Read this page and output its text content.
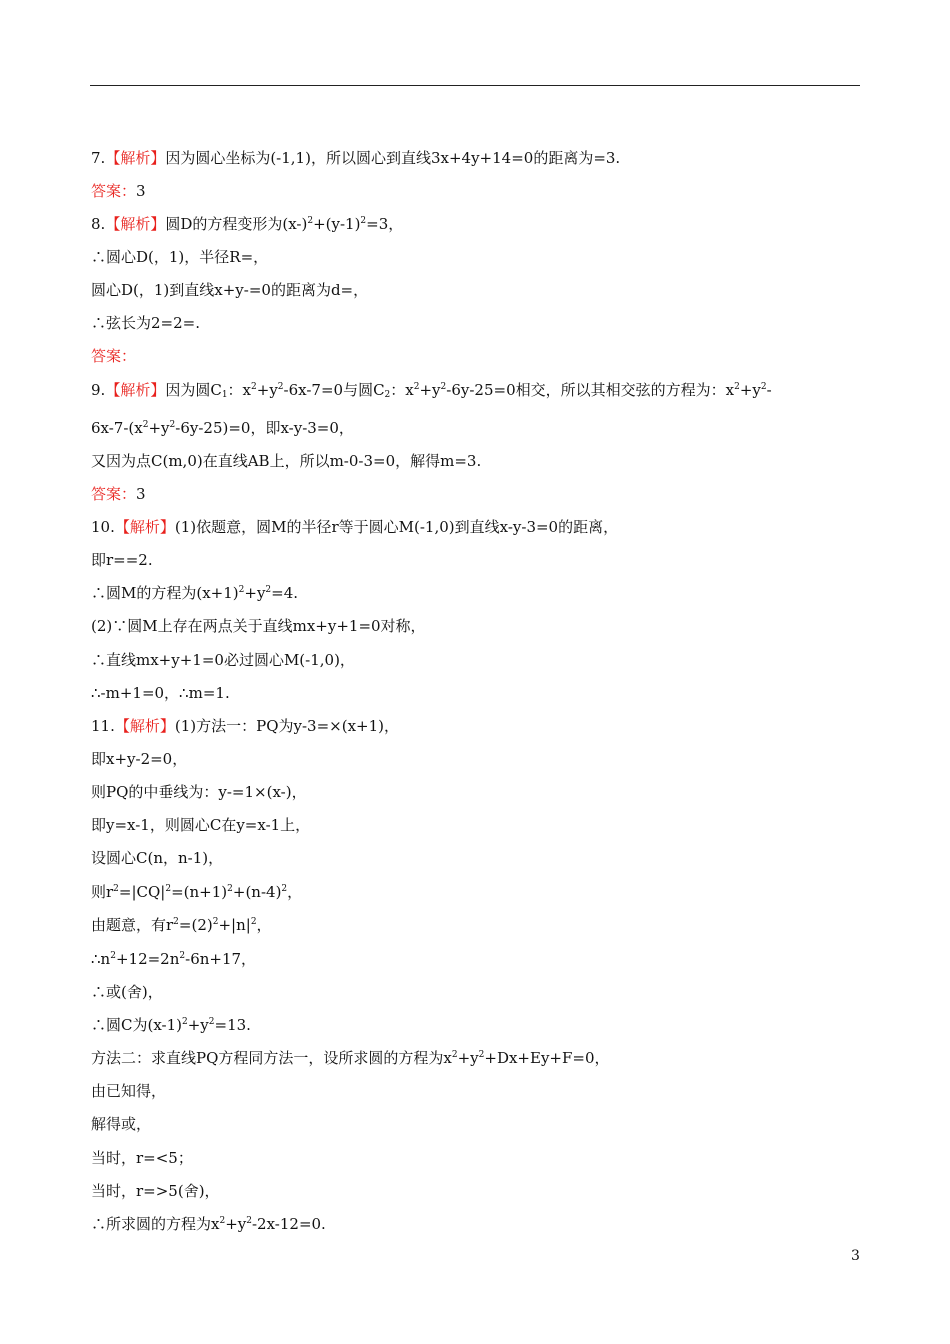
7.【解析】因为圆心坐标为(-1,1)，所以圆心到直线3x+4y+14=0的距离为=3.
答案：3
8.【解析】圆D的方程变形为$(x-)^2+(y-1)^2=3$，
∴圆心D(，1)，半径R=，
圆心D(，1)到直线x+y-=0的距离为d=，
∴弦长为2=2=.
答案：
9.【解析】因为圆$C_1$：$x^2+y^2-6x-7=0$与圆$C_2$：$x^2+y^2-6y-25=0$相交，所以其相交弦的方程为：$x^2+y^2-$
$6x-7-(x^2+y^2-6y-25)=0$，即x-y-3=0，
又因为点C(m,0)在直线AB上，所以m-0-3=0，解得m=3.
答案：3
10.【解析】(1)依题意，圆M的半径r等于圆心M(-1,0)到直线x-y-3=0的距离，
即r==2.
∴圆M的方程为$(x+1)^2+y^2=4$.
(2)∵圆M上存在两点关于直线mx+y+1=0对称，
∴直线mx+y+1=0必过圆心M(-1,0)，
∴-m+1=0，∴m=1.
11.【解析】(1)方法一：PQ为y-3=×(x+1)，
即x+y-2=0，
则PQ的中垂线为：y-=1×(x-)，
即y=x-1，则圆心C在y=x-1上，
设圆心C(n，n-1)，
则$r^2=|CQ|^2=(n+1)^2+(n-4)^2$，
由题意，有$r^2=(2)^2+|n|^2$，
$\therefore n^2+12=2n^2-6n+17$，
∴或(舍)，
∴圆C为$(x-1)^2+y^2=13$.
方法二：求直线PQ方程同方法一，设所求圆的方程为$x^2+y^2+Dx+Ey+F=0$，
由已知得，
解得或，
当时，r=<5；
当时，r=>5(舍)，
∴所求圆的方程为$x^2+y^2-2x-12=0$.
3
